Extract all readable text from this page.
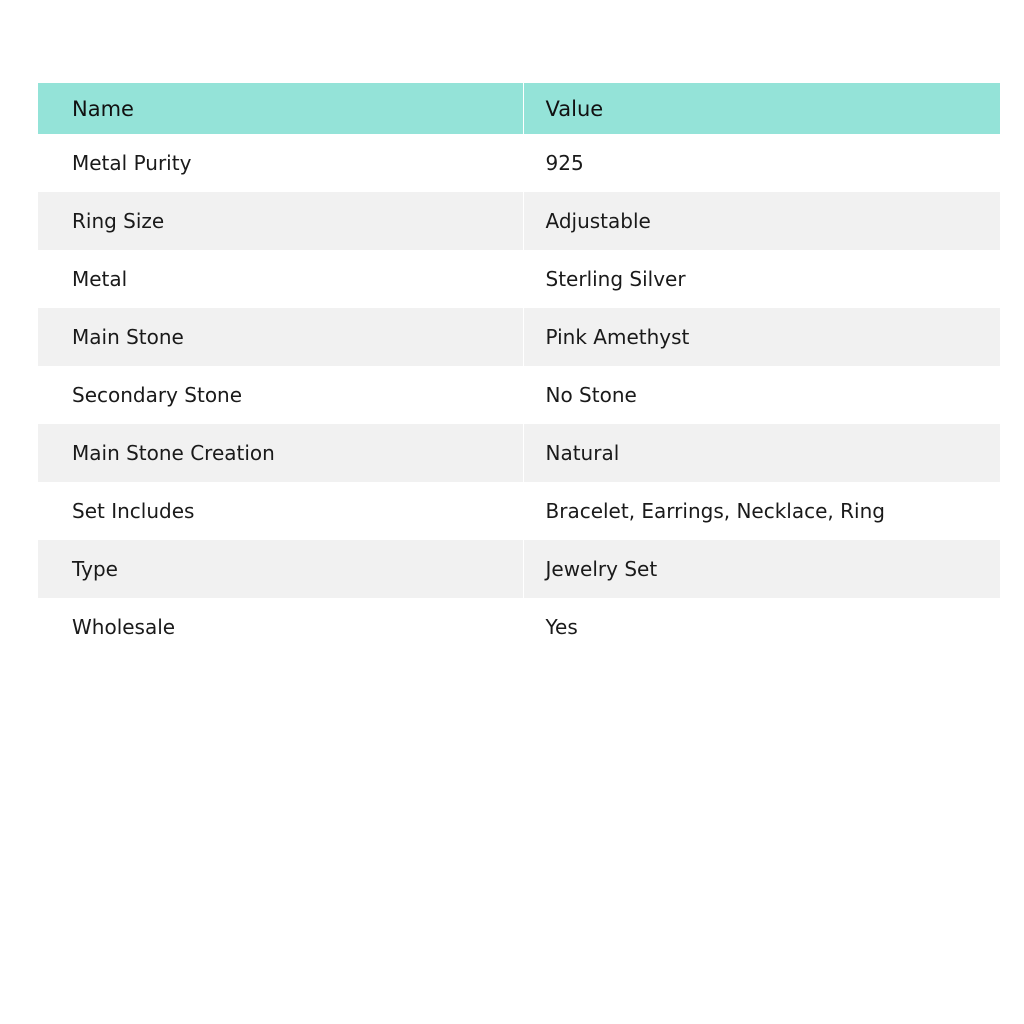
Name	Value
Metal Purity	925
Ring Size	Adjustable
Metal	Sterling Silver
Main Stone	Pink Amethyst
Secondary Stone	No Stone
Main Stone Creation	Natural
Set Includes	Bracelet, Earrings, Necklace, Ring
Type	Jewelry Set
Wholesale	Yes
